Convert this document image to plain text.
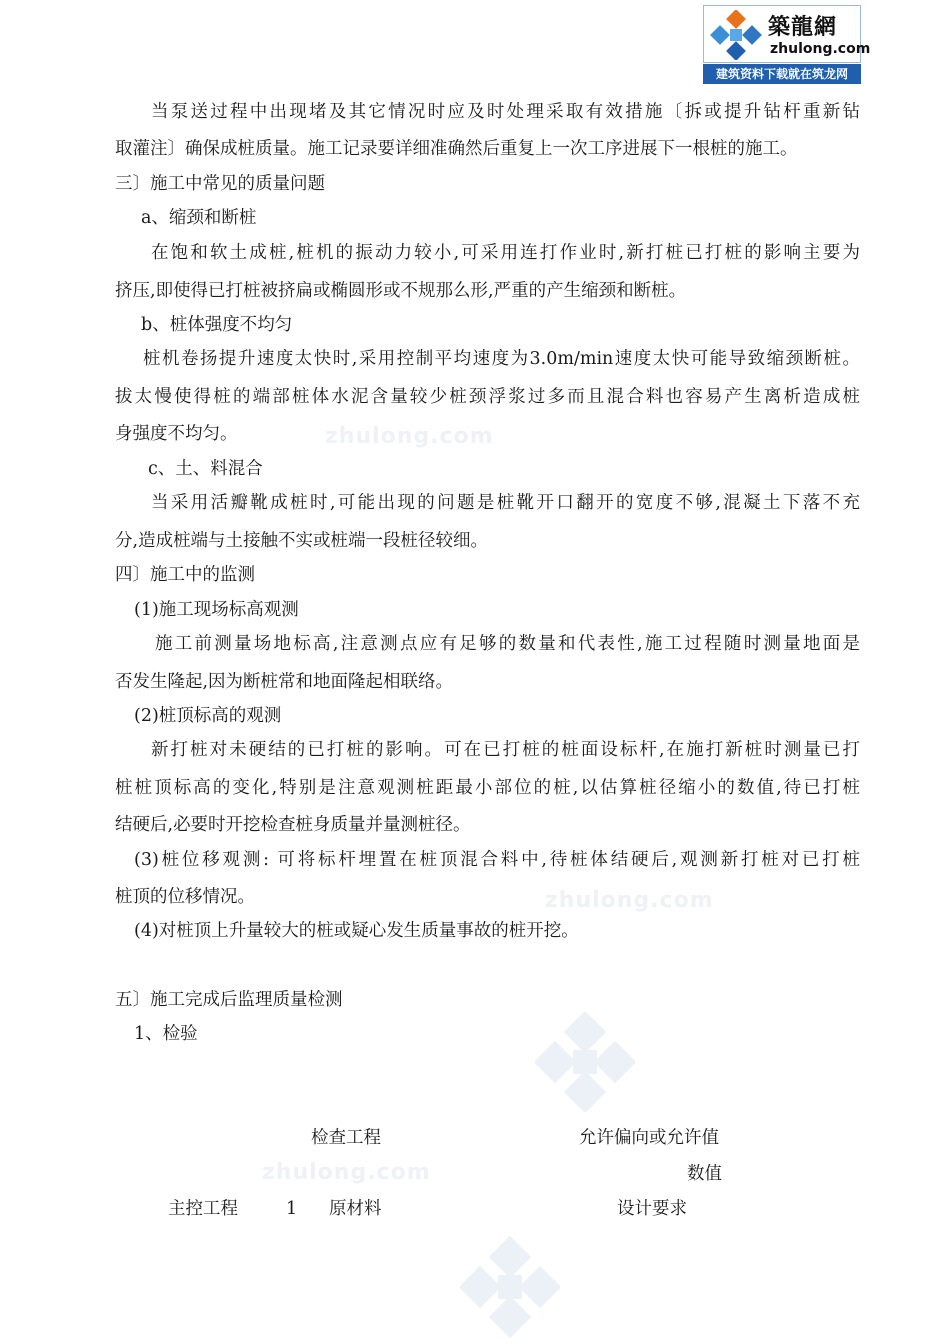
zhulong.com
zhulong.com
zhulong.com
築龍網
zhulong.com
建筑资料下载就在筑龙网
当泵送过程中出现堵及其它情况时应及时处理采取有效措施〔拆或提升钻杆重新钻
取灌注〕确保成桩质量。施工记录要详细准确然后重复上一次工序进展下一根桩的施工。
三〕施工中常见的质量问题
a、缩颈和断桩
在饱和软土成桩,桩机的振动力较小,可采用连打作业时,新打桩已打桩的影响主要为
挤压,即使得已打桩被挤扁或椭圆形或不规那么形,严重的产生缩颈和断桩。
b、桩体强度不均匀
桩机卷扬提升速度太快时,采用控制平均速度为3.0m/min速度太快可能导致缩颈断桩。
拔太慢使得桩的端部桩体水泥含量较少桩颈浮浆过多而且混合料也容易产生离析造成桩
身强度不均匀。
c、土、料混合
当采用活瓣靴成桩时,可能出现的问题是桩靴开口翻开的宽度不够,混凝土下落不充
分,造成桩端与土接触不实或桩端一段桩径较细。
四〕施工中的监测
(1)施工现场标高观测
施工前测量场地标高,注意测点应有足够的数量和代表性,施工过程随时测量地面是
否发生隆起,因为断桩常和地面隆起相联络。
(2)桩顶标高的观测
新打桩对未硬结的已打桩的影响。可在已打桩的桩面设标杆,在施打新桩时测量已打
桩桩顶标高的变化,特别是注意观测桩距最小部位的桩,以估算桩径缩小的数值,待已打桩
结硬后,必要时开挖检查桩身质量并量测桩径。
(3)桩位移观测: 可将标杆埋置在桩顶混合料中,待桩体结硬后,观测新打桩对已打桩
桩顶的位移情况。
(4)对桩顶上升量较大的桩或疑心发生质量事故的桩开挖。
五〕施工完成后监理质量检测
1、检验
检查工程	允许偏向或允许值
数值
主控工程	1 原材料	设计要求
